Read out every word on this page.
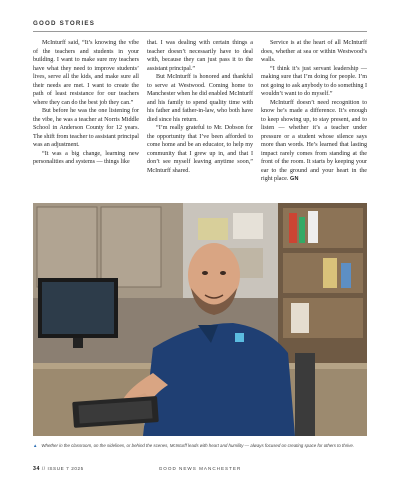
GOOD STORIES

McInturff said, “It’s knowing the vibe of the teachers and students in your building. I want to make sure my teachers have what they need to improve students’ lives, serve all the kids, and make sure all their needs are met. I want to create the path of least resistance for our teachers where they can do the best job they can.”

But before he was the one listening for the vibe, he was a teacher at Norris Middle School in Anderson County for 12 years. The shift from teacher to assistant principal was an adjustment.

“It was a big change, learning new personalities and systems — things like

that. I was dealing with certain things a teacher doesn’t necessarily have to deal with, because they can just pass it to the assistant principal.”

But McInturff is honored and thankful to serve at Westwood. Coming home to Manchester when he did enabled McInturff and his family to spend quality time with his father and father-in-law, who both have died since his return.

“I’m really grateful to Mr. Dobson for the opportunity that I’ve been afforded to come home and be an educator, to help my community that I grew up in, and that I don’t see myself leaving anytime soon,” McInturff shared.

Service is at the heart of all McInturff does, whether at sea or within Westwood’s walls.

“I think it’s just servant leadership — making sure that I’m doing for people. I’m not going to ask anybody to do something I wouldn’t want to do myself.”

McInturff doesn’t need recognition to know he’s made a difference. It’s enough to keep showing up, to stay present, and to listen — whether it’s a teacher under pressure or a student whose silence says more than words. He’s learned that lasting impact rarely comes from standing at the front of the room. It starts by keeping your ear to the ground and your heart in the right place. GN

▲ Whether in the classroom, on the sidelines, or behind the scenes, McInturff leads with heart and humility — always focused on creating space for others to thrive.
34 // ISSUE 7 2025	GOOD NEWS MANCHESTER
